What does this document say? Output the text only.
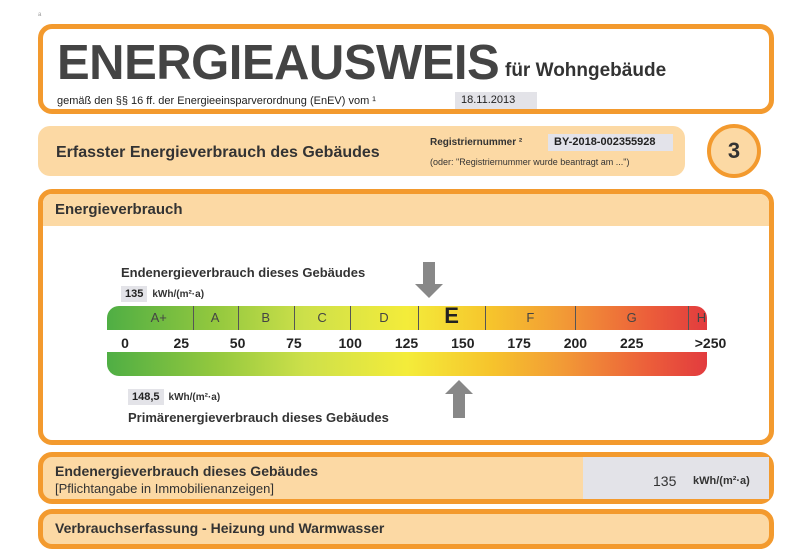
ENERGIEAUSWEIS für Wohngebäude
gemäß den §§ 16 ff. der Energieeinsparverordnung (EnEV) vom ¹	18.11.2013
Erfasster Energieverbrauch des Gebäudes
Registriernummer ²	BY-2018-002355928
(oder: "Registriernummer wurde beantragt am ...")	3
Energieverbrauch
Endenergieverbrauch dieses Gebäudes
135 kWh/(m²·a)
A+	A	B	C	D	E	F	G	H
0	25	50	75	100 125 150 175 200 225	>250
148,5 kWh/(m²·a)
Primärenergieverbrauch dieses Gebäudes
Endenergieverbrauch dieses Gebäudes
[Pflichtangabe in Immobilienanzeigen]	135 kWh/(m²·a)
Verbrauchserfassung - Heizung und Warmwasser
a
